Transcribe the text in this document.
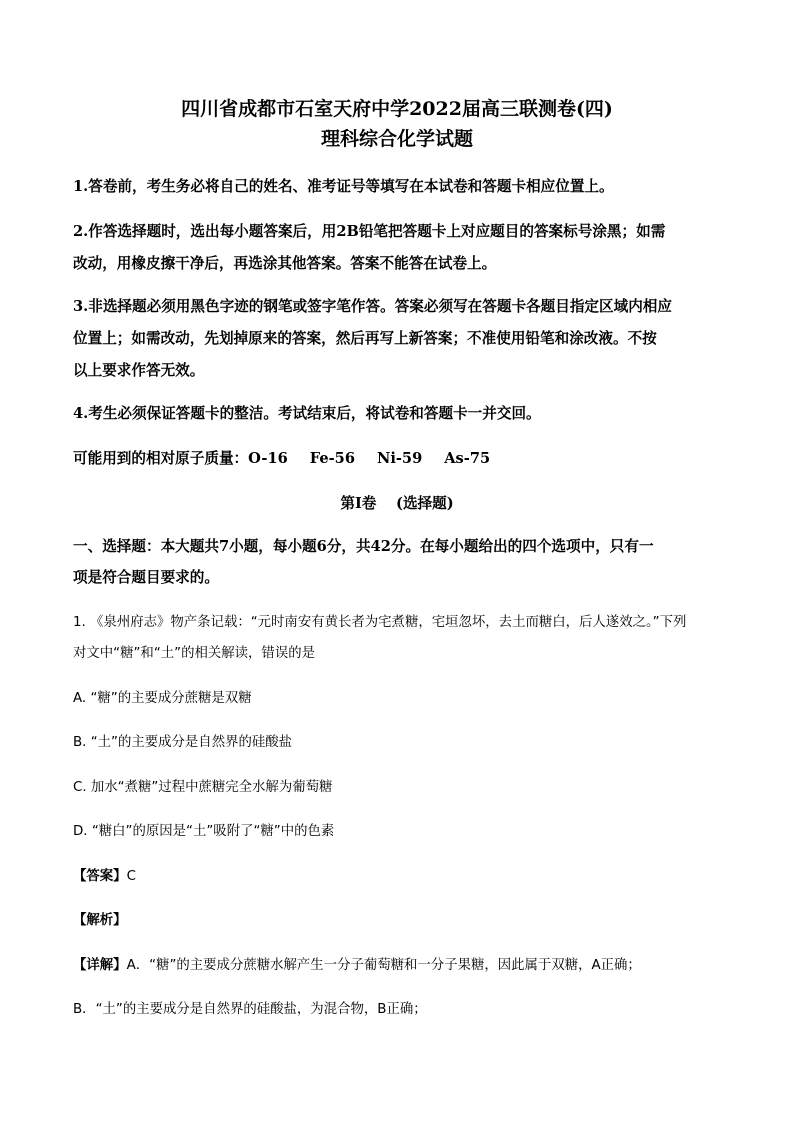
四川省成都市石室天府中学2022届高三联测卷(四)
理科综合化学试题
1.答卷前，考生务必将自己的姓名、准考证号等填写在本试卷和答题卡相应位置上。
2.作答选择题时，选出每小题答案后，用2B铅笔把答题卡上对应题目的答案标号涂黑；如需
改动，用橡皮擦干净后，再选涂其他答案。答案不能答在试卷上。
3.非选择题必须用黑色字迹的钢笔或签字笔作答。答案必须写在答题卡各题目指定区域内相应
位置上；如需改动，先划掉原来的答案，然后再写上新答案；不准使用铅笔和涂改液。不按
以上要求作答无效。
4.考生必须保证答题卡的整洁。考试结束后，将试卷和答题卡一并交回。
可能用到的相对原子质量：O-16 Fe-56 Ni-59 As-75
第I卷　 (选择题)
一、选择题：本大题共7小题，每小题6分，共42分。在每小题给出的四个选项中，只有一
项是符合题目要求的。
1. 《泉州府志》物产条记载：“元时南安有黄长者为宅煮糖，宅垣忽坏，去土而糖白，后人遂效之。”下列
对文中“糖”和“土”的相关解读，错误的是
A. “糖”的主要成分蔗糖是双糖
B. “土”的主要成分是自然界的硅酸盐
C. 加水“煮糖”过程中蔗糖完全水解为葡萄糖
D. “糖白”的原因是“土”吸附了“糖”中的色素
【答案】C
【解析】
【详解】A．“糖”的主要成分蔗糖水解产生一分子葡萄糖和一分子果糖，因此属于双糖，A正确；
B．“土”的主要成分是自然界的硅酸盐，为混合物，B正确；
